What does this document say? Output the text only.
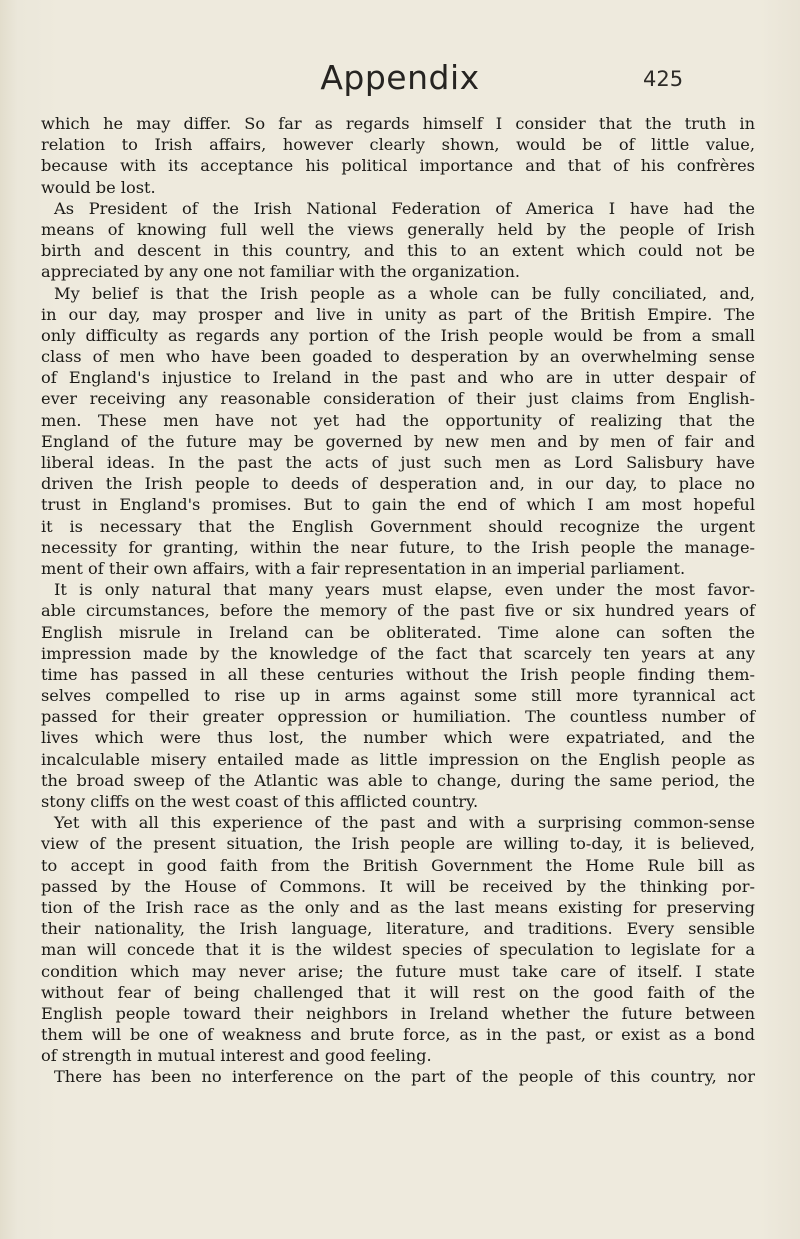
Appendix	425
which he may differ. So far as regards himself I consider that the truth in
relation to Irish affairs, however clearly shown, would be of little value,
because with its acceptance his political importance and that of his confrères
would be lost.
As President of the Irish National Federation of America I have had the
means of knowing full well the views generally held by the people of Irish
birth and descent in this country, and this to an extent which could not be
appreciated by any one not familiar with the organization.
My belief is that the Irish people as a whole can be fully conciliated, and,
in our day, may prosper and live in unity as part of the British Empire. The
only difficulty as regards any portion of the Irish people would be from a small
class of men who have been goaded to desperation by an overwhelming sense
of England's injustice to Ireland in the past and who are in utter despair of
ever receiving any reasonable consideration of their just claims from English-
men. These men have not yet had the opportunity of realizing that the
England of the future may be governed by new men and by men of fair and
liberal ideas. In the past the acts of just such men as Lord Salisbury have
driven the Irish people to deeds of desperation and, in our day, to place no
trust in England's promises. But to gain the end of which I am most hopeful
it is necessary that the English Government should recognize the urgent
necessity for granting, within the near future, to the Irish people the manage-
ment of their own affairs, with a fair representation in an imperial parliament.
It is only natural that many years must elapse, even under the most favor-
able circumstances, before the memory of the past five or six hundred years of
English misrule in Ireland can be obliterated. Time alone can soften the
impression made by the knowledge of the fact that scarcely ten years at any
time has passed in all these centuries without the Irish people finding them-
selves compelled to rise up in arms against some still more tyrannical act
passed for their greater oppression or humiliation. The countless number of
lives which were thus lost, the number which were expatriated, and the
incalculable misery entailed made as little impression on the English people as
the broad sweep of the Atlantic was able to change, during the same period, the
stony cliffs on the west coast of this afflicted country.
Yet with all this experience of the past and with a surprising common-sense
view of the present situation, the Irish people are willing to-day, it is believed,
to accept in good faith from the British Government the Home Rule bill as
passed by the House of Commons. It will be received by the thinking por-
tion of the Irish race as the only and as the last means existing for preserving
their nationality, the Irish language, literature, and traditions. Every sensible
man will concede that it is the wildest species of speculation to legislate for a
condition which may never arise; the future must take care of itself. I state
without fear of being challenged that it will rest on the good faith of the
English people toward their neighbors in Ireland whether the future between
them will be one of weakness and brute force, as in the past, or exist as a bond
of strength in mutual interest and good feeling.
There has been no interference on the part of the people of this country, nor
